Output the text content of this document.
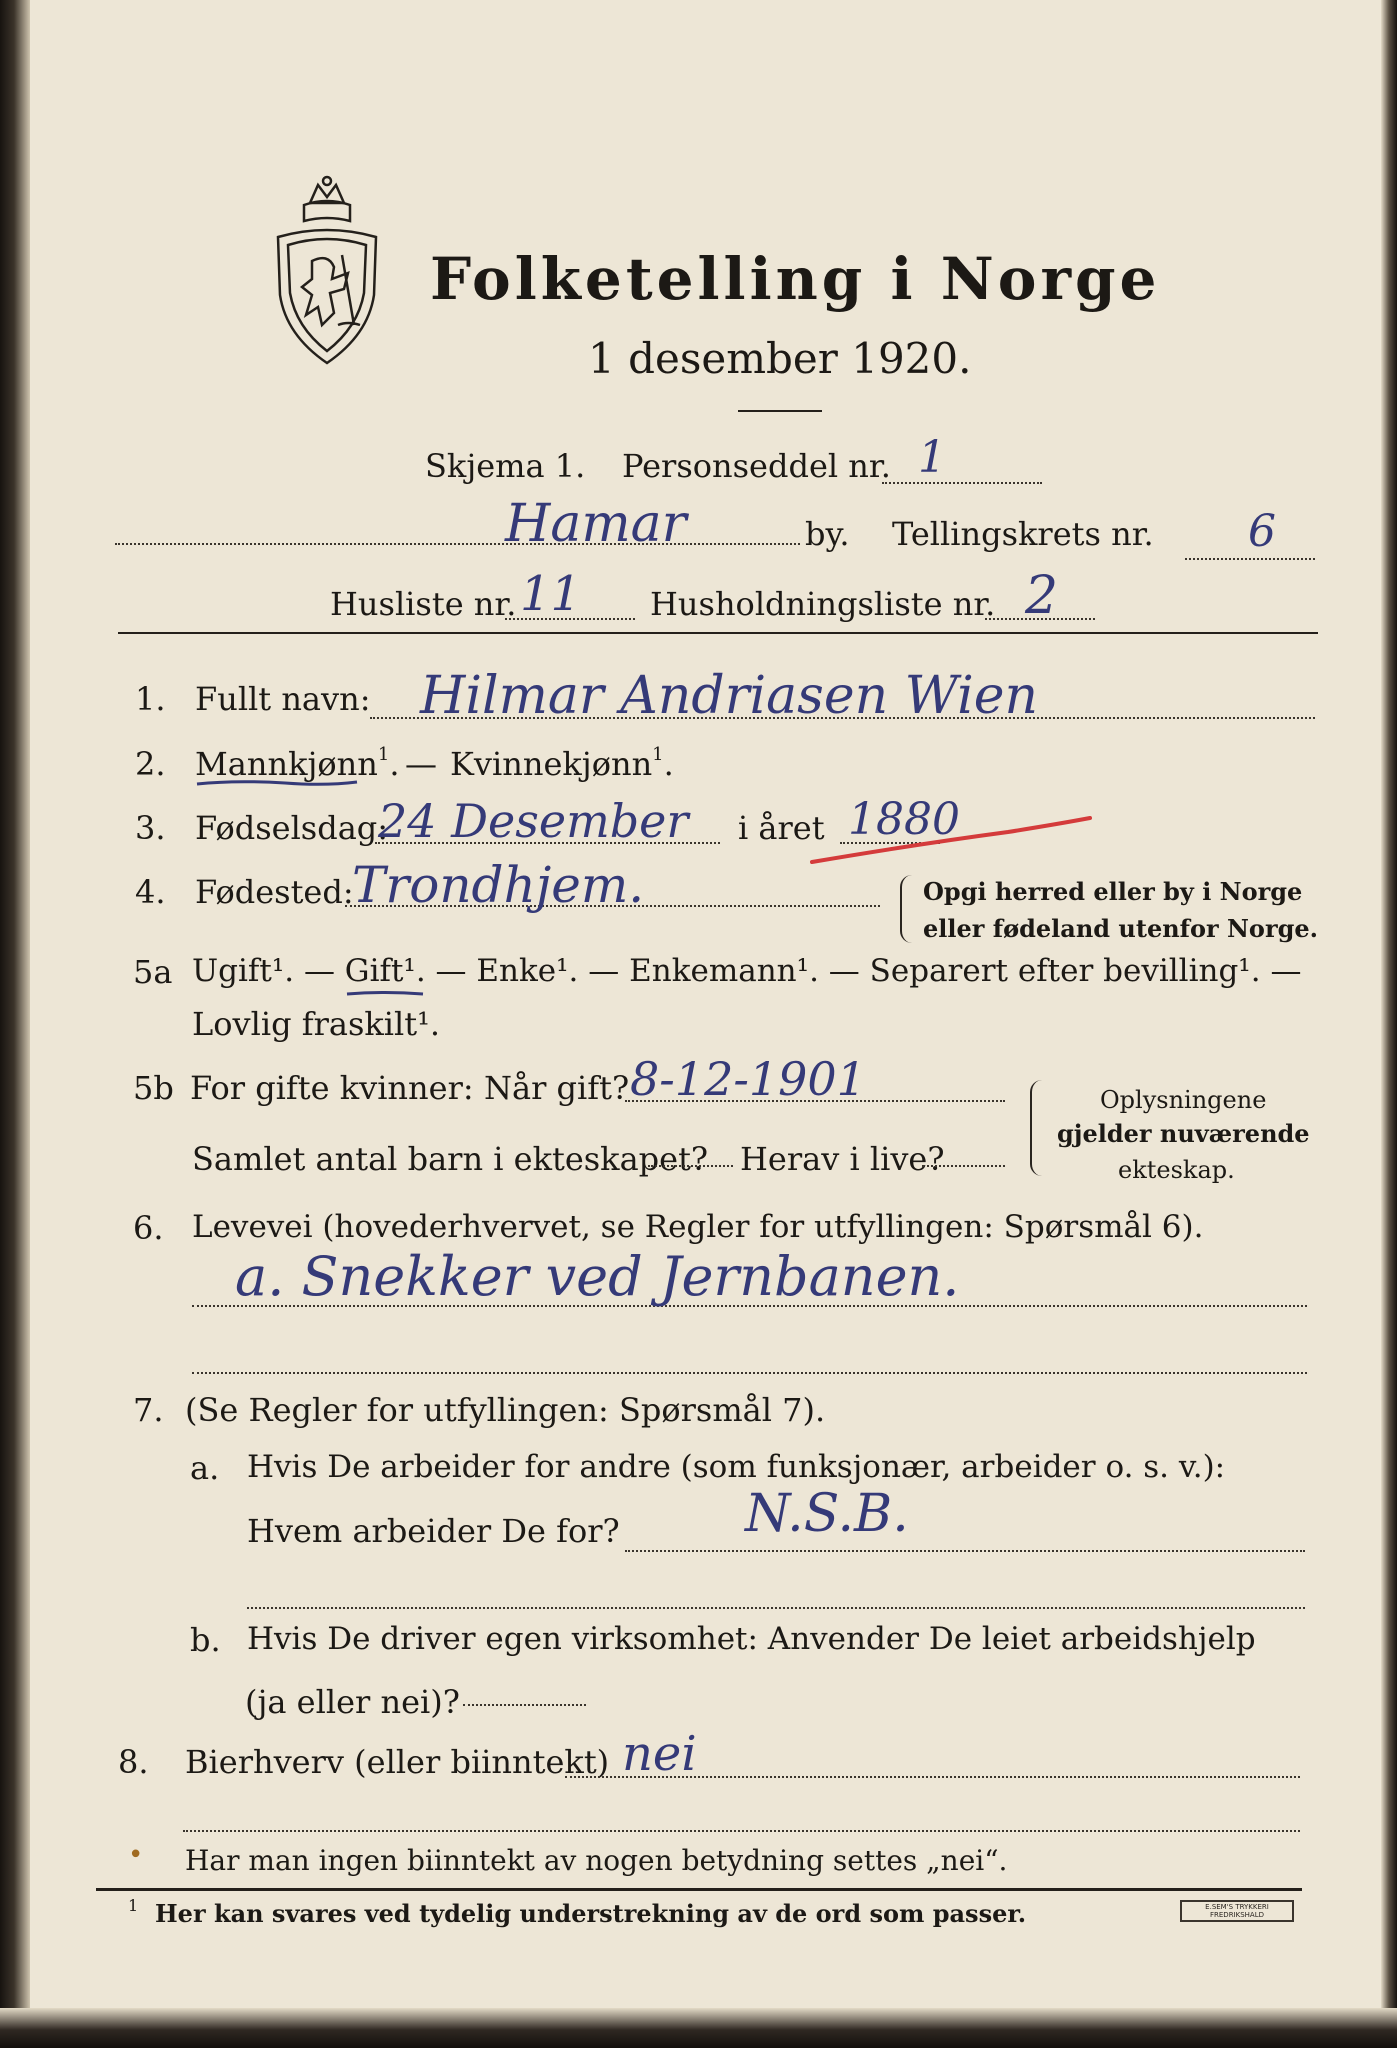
Folketelling i Norge
1 desember 1920.
Skjema 1. Personseddel nr. 1
Hamar	by. Tellingskrets nr. 6
Husliste nr. 11 Husholdningsliste nr. 2
1. Fullt navn: Hilmar Andriasen Wien
2. Mannkjønn$^1$. — Kvinnekjønn$^1$.
3. Fødselsdag:
24 Desember i året 1880
4. Fødested:
Trondhjem.	Opgi herred eller by i Norge
eller fødeland utenfor Norge.
5a Ugift¹. — Gift¹. — Enke¹. — Enkemann¹. — Separert efter bevilling¹. —
Lovlig fraskilt¹.
5b For gifte kvinner: Når gift? 8-12-1901
Samlet antal barn i ekteskapet? Herav i live?
Oplysningene
gjelder nuværende
ekteskap.
6. Levevei (hovederhvervet, se Regler for utfyllingen: Spørsmål 6).
a. Snekker ved Jernbanen.
7. (Se Regler for utfyllingen: Spørsmål 7).
a. Hvis De arbeider for andre (som funksjonær, arbeider o. s. v.):
Hvem arbeider De for? N.S.B.
b. Hvis De driver egen virksomhet: Anvender De leiet arbeidshjelp
(ja eller nei)?
8. Bierhverv (eller biinntekt) nei
• Har man ingen biinntekt av nogen betydning settes „nei“.
1 Her kan svares ved tydelig understrekning av de ord som passer.	E.SEM'S TRYKKERI
FREDRIKSHALD
